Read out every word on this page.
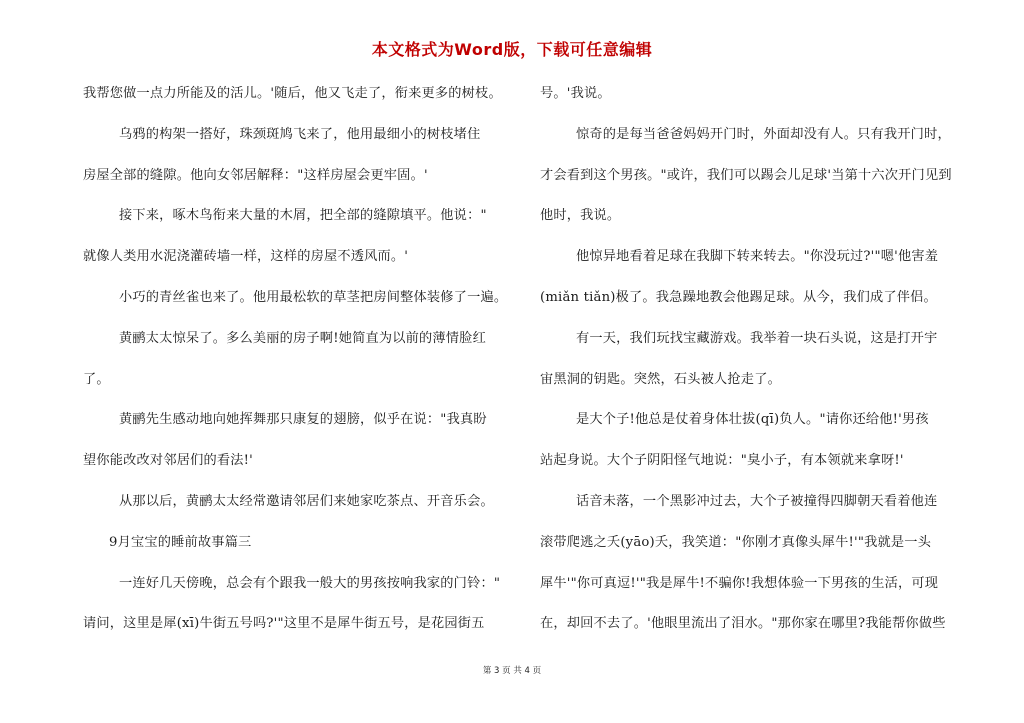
本文格式为Word版，下载可任意编辑
我帮您做一点力所能及的活儿。'随后，他又飞走了，衔来更多的树枝。
乌鸦的构架一搭好，珠颈斑鸠飞来了，他用最细小的树枝堵住
房屋全部的缝隙。他向女邻居解释："这样房屋会更牢固。'
接下来，啄木鸟衔来大量的木屑，把全部的缝隙填平。他说："
就像人类用水泥浇灌砖墙一样，这样的房屋不透风而。'
小巧的青丝雀也来了。他用最松软的草茎把房间整体装修了一遍。
黄鹂太太惊呆了。多么美丽的房子啊!她简直为以前的薄情脸红
了。
黄鹂先生感动地向她挥舞那只康复的翅膀，似乎在说："我真盼
望你能改改对邻居们的看法!'
从那以后，黄鹂太太经常邀请邻居们来她家吃茶点、开音乐会。
9月宝宝的睡前故事篇三
一连好几天傍晚，总会有个跟我一般大的男孩按响我家的门铃："
请问，这里是犀(xī)牛街五号吗?'"这里不是犀牛街五号，是花园街五
号。'我说。
惊奇的是每当爸爸妈妈开门时，外面却没有人。只有我开门时，
才会看到这个男孩。"或许，我们可以踢会儿足球'当第十六次开门见到
他时，我说。
他惊异地看着足球在我脚下转来转去。"你没玩过?'"嗯'他害羞
(miǎn tiǎn)极了。我急躁地教会他踢足球。从今，我们成了伴侣。
有一天，我们玩找宝藏游戏。我举着一块石头说，这是打开宇
宙黑洞的钥匙。突然，石头被人抢走了。
是大个子!他总是仗着身体壮拔(qī)负人。"请你还给他!'男孩
站起身说。大个子阴阳怪气地说："臭小子，有本领就来拿呀!'
话音未落，一个黑影冲过去，大个子被撞得四脚朝天看着他连
滚带爬逃之夭(yāo)夭，我笑道："你刚才真像头犀牛!'"我就是一头
犀牛'"你可真逗!'"我是犀牛!不骗你!我想体验一下男孩的生活，可现
在，却回不去了。'他眼里流出了泪水。"那你家在哪里?我能帮你做些
第 3 页 共 4 页
